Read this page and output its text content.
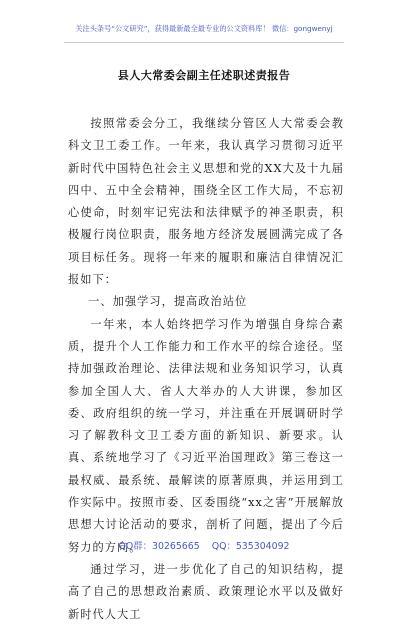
关注头条号“公文研究”，获得最新最全最专业的公文资料库！ 微信：gongwenyj
县人大常委会副主任述职述责报告

按照常委会分工，我继续分管区人大常委会教科文卫工委工作。一年来，我认真学习贯彻习近平新时代中国特色社会主义思想和党的XX大及十九届四中、五中全会精神，围绕全区工作大局，不忘初心使命，时刻牢记宪法和法律赋予的神圣职责，积极履行岗位职责，服务地方经济发展圆满完成了各项目标任务。现将一年来的履职和廉洁自律情况汇报如下：

一、加强学习，提高政治站位

一年来，本人始终把学习作为增强自身综合素质，提升个人工作能力和工作水平的综合途径。坚持加强政治理论、法律法规和业务知识学习，认真参加全国人大、省人大举办的人大讲课，参加区委、政府组织的统一学习，并注重在开展调研时学习了解教科文卫工委方面的新知识、新要求。认真、系统地学习了《习近平治国理政》第三卷这一最权威、最系统、最解读的原著原典，并运用到工作实际中。按照市委、区委围绕“xx之害”开展解放思想大讨论活动的要求，剖析了问题，提出了今后努力的方向。

通过学习，进一步优化了自己的知识结构，提高了自己的思想政治素质、政策理论水平以及做好新时代人大工

QQ群：30265665 QQ：535304092
